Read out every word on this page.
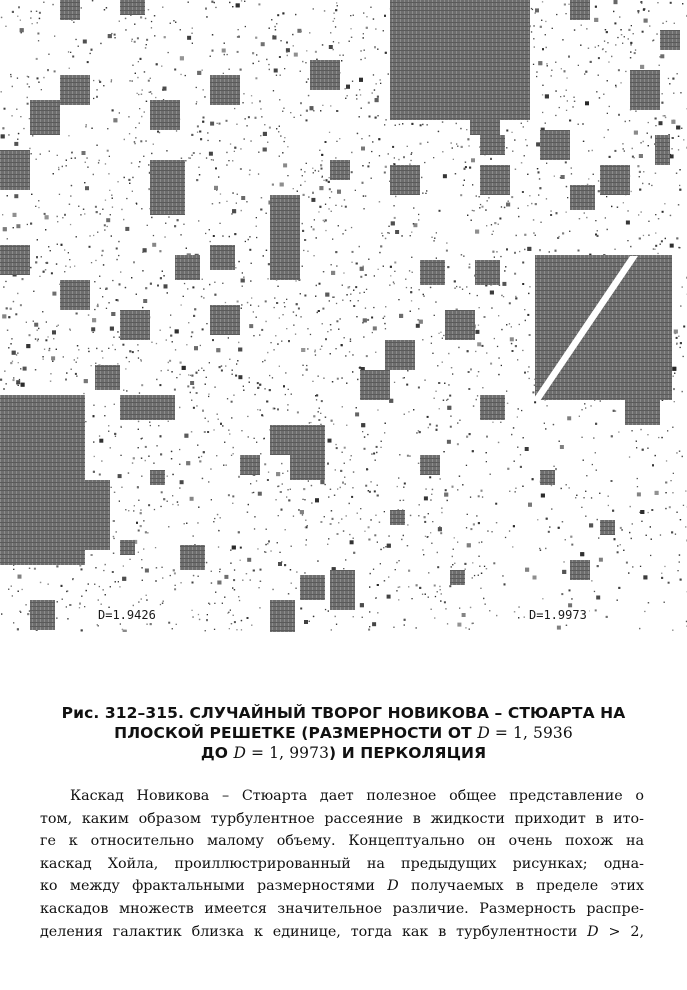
D=1.9426	D=1.9973
Рис. 312–315. СЛУЧАЙНЫЙ ТВОРОГ НОВИКОВА – СТЮАРТА НА
ПЛОСКОЙ РЕШЕТКЕ (РАЗМЕРНОСТИ ОТ D = 1, 5936
ДО D = 1, 9973) И ПЕРКОЛЯЦИЯ
Каскад Новикова – Стюарта дает полезное общее представление о
том, каким образом турбулентное рассеяние в жидкости приходит в ито-
ге к относительно малому объему. Концептуально он очень похож на
каскад Хойла, проиллюстрированный на предыдущих рисунках; одна-
ко между фрактальными размерностями D получаемых в пределе этих
каскадов множеств имеется значительное различие. Размерность распре-
деления галактик близка к единице, тогда как в турбулентности D > 2,
